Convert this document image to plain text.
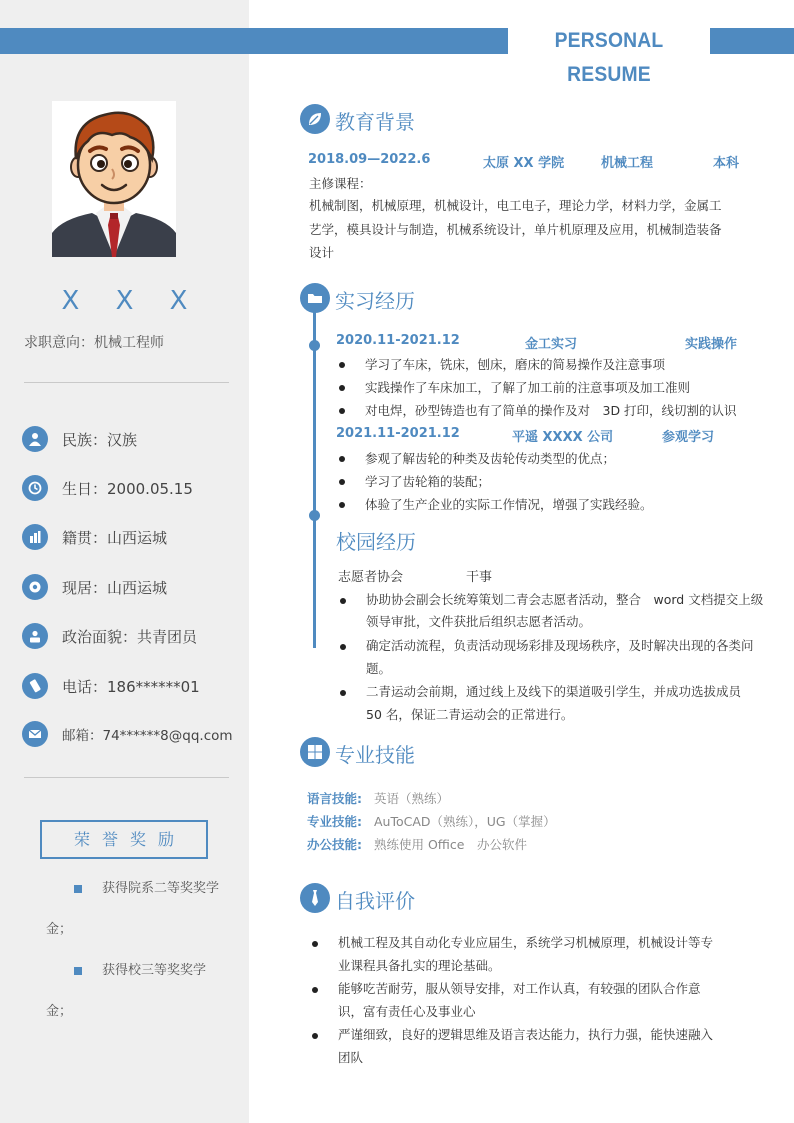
PERSONAL RESUME
X X X
求职意向：机械工程师
民族：汉族
生日：2000.05.15
籍贯：山西运城
现居：山西运城
政治面貌：共青团员
电话：186******01
邮箱：74******8@qq.com
荣誉奖励
获得院系二等奖奖学
金；
获得校三等奖奖学
金；
教育背景
2018.09—2022.6	太原 XX 学院	机械工程	本科
主修课程：
机械制图，机械原理，机械设计，电工电子，理论力学，材料力学，金属工
艺学，模具设计与制造，机械系统设计，单片机原理及应用，机械制造装备
设计
实习经历
2020.11-2021.12	金工实习	实践操作
学习了车床，铣床，刨床，磨床的简易操作及注意事项
实践操作了车床加工，了解了加工前的注意事项及加工准则
对电焊，砂型铸造也有了简单的操作及对　3D 打印，线切割的认识
2021.11-2021.12	平遥 XXXX 公司	参观学习
参观了解齿轮的种类及齿轮传动类型的优点；
学习了齿轮箱的装配；
体验了生产企业的实际工作情况，增强了实践经验。
校园经历
志愿者协会	干事
协助协会副会长统筹策划二青会志愿者活动，整合　word 文档提交上级
领导审批，文件获批后组织志愿者活动。
确定活动流程，负责活动现场彩排及现场秩序，及时解决出现的各类问
题。
二青运动会前期，通过线上及线下的渠道吸引学生，并成功选拔成员
50 名，保证二青运动会的正常进行。
专业技能
语言技能: 英语（熟练）
专业技能: AuToCAD（熟练），UG（掌握）
办公技能: 熟练使用 Office　办公软件
自我评价
机械工程及其自动化专业应届生，系统学习机械原理，机械设计等专
业课程具备扎实的理论基础。
能够吃苦耐劳，服从领导安排，对工作认真，有较强的团队合作意
识，富有责任心及事业心
严谨细致，良好的逻辑思维及语言表达能力，执行力强，能快速融入
团队
